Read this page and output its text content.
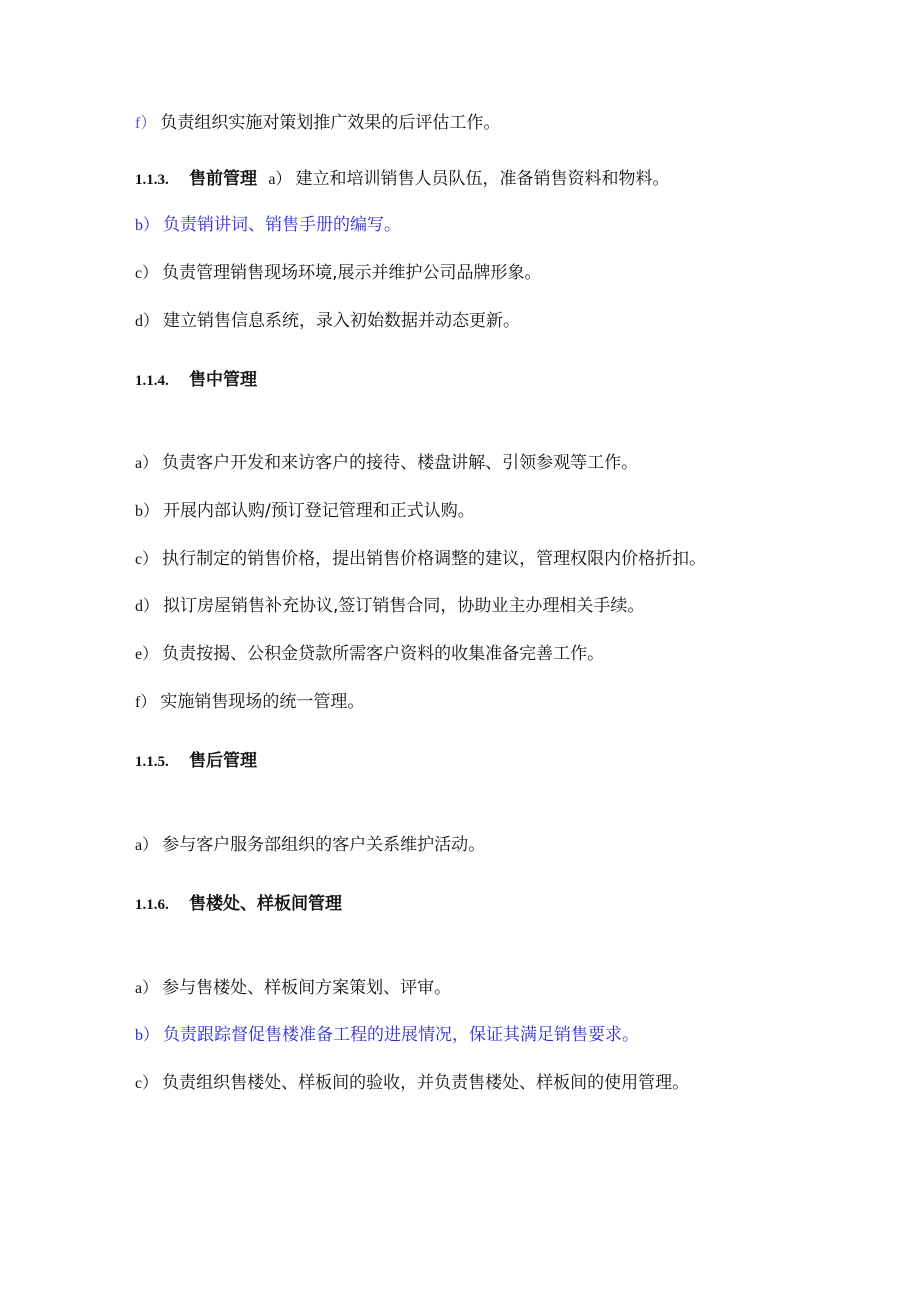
f） 负责组织实施对策划推广效果的后评估工作。
1.1.3. 售前管理 a） 建立和培训销售人员队伍，准备销售资料和物料。
b） 负责销讲词、销售手册的编写。
c） 负责管理销售现场环境,展示并维护公司品牌形象。
d） 建立销售信息系统，录入初始数据并动态更新。
1.1.4. 售中管理
a） 负责客户开发和来访客户的接待、楼盘讲解、引领参观等工作。
b） 开展内部认购/预订登记管理和正式认购。
c） 执行制定的销售价格，提出销售价格调整的建议，管理权限内价格折扣。
d） 拟订房屋销售补充协议,签订销售合同，协助业主办理相关手续。
e） 负责按揭、公积金贷款所需客户资料的收集准备完善工作。
f） 实施销售现场的统一管理。
1.1.5. 售后管理
a） 参与客户服务部组织的客户关系维护活动。
1.1.6. 售楼处、样板间管理
a） 参与售楼处、样板间方案策划、评审。
b） 负责跟踪督促售楼准备工程的进展情况，保证其满足销售要求。
c） 负责组织售楼处、样板间的验收，并负责售楼处、样板间的使用管理。
